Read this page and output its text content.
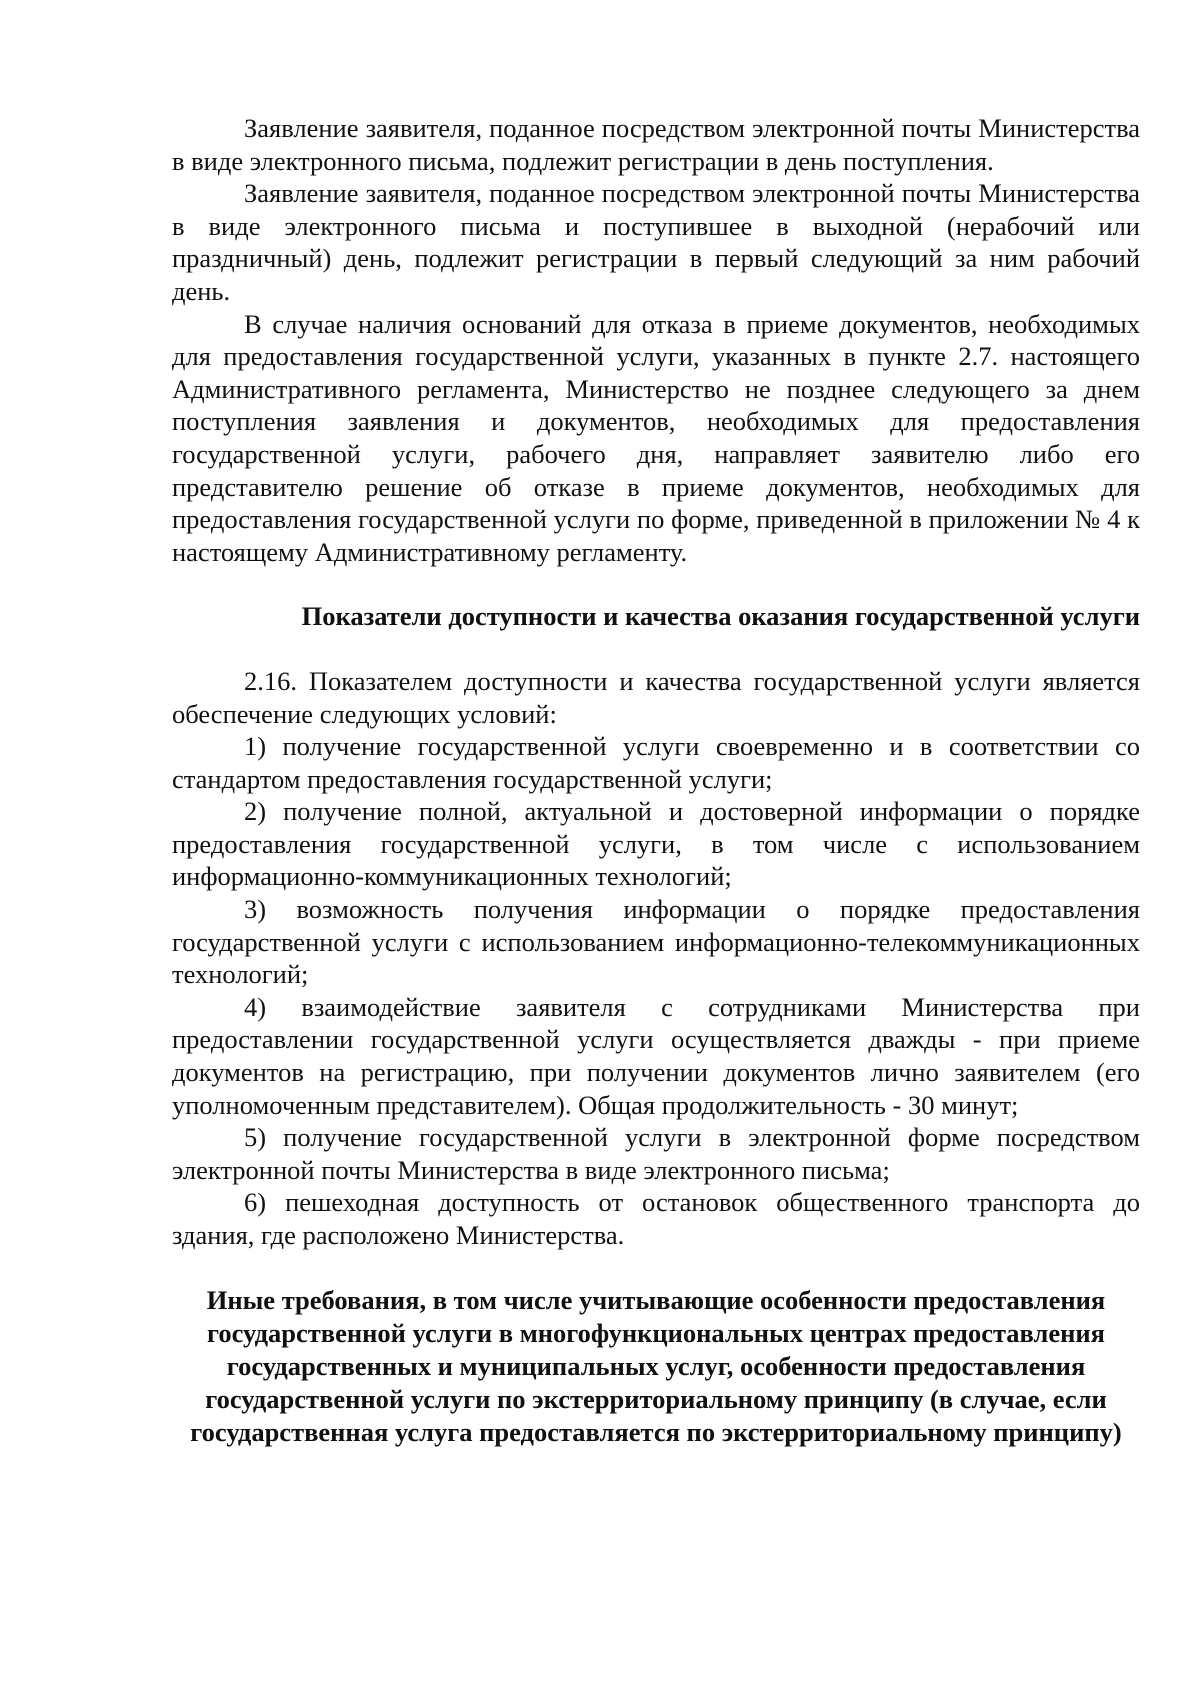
Заявление заявителя, поданное посредством электронной почты Министерства в виде электронного письма, подлежит регистрации в день поступления.

Заявление заявителя, поданное посредством электронной почты Министерства в виде электронного письма и поступившее в выходной (нерабочий или праздничный) день, подлежит регистрации в первый следующий за ним рабочий день.

В случае наличия оснований для отказа в приеме документов, необходимых для предоставления государственной услуги, указанных в пункте 2.7. настоящего Административного регламента, Министерство не позднее следующего за днем поступления заявления и документов, необходимых для предоставления государственной услуги, рабочего дня, направляет заявителю либо его представителю решение об отказе в приеме документов, необходимых для предоставления государственной услуги по форме, приведенной в приложении № 4 к настоящему Административному регламенту.

Показатели доступности и качества оказания государственной услуги

2.16. Показателем доступности и качества государственной услуги является обеспечение следующих условий:

1) получение государственной услуги своевременно и в соответствии со стандартом предоставления государственной услуги;

2) получение полной, актуальной и достоверной информации о порядке предоставления государственной услуги, в том числе с использованием информационно-коммуникационных технологий;

3) возможность получения информации о порядке предоставления государственной услуги с использованием информационно-телекоммуникационных технологий;

4) взаимодействие заявителя с сотрудниками Министерства при предоставлении государственной услуги осуществляется дважды - при приеме документов на регистрацию, при получении документов лично заявителем (его уполномоченным представителем). Общая продолжительность - 30 минут;

5) получение государственной услуги в электронной форме посредством электронной почты Министерства в виде электронного письма;

6) пешеходная доступность от остановок общественного транспорта до здания, где расположено Министерства.

Иные требования, в том числе учитывающие особенности предоставления государственной услуги в многофункциональных центрах предоставления государственных и муниципальных услуг, особенности предоставления государственной услуги по экстерриториальному принципу (в случае, если государственная услуга предоставляется по экстерриториальному принципу)
